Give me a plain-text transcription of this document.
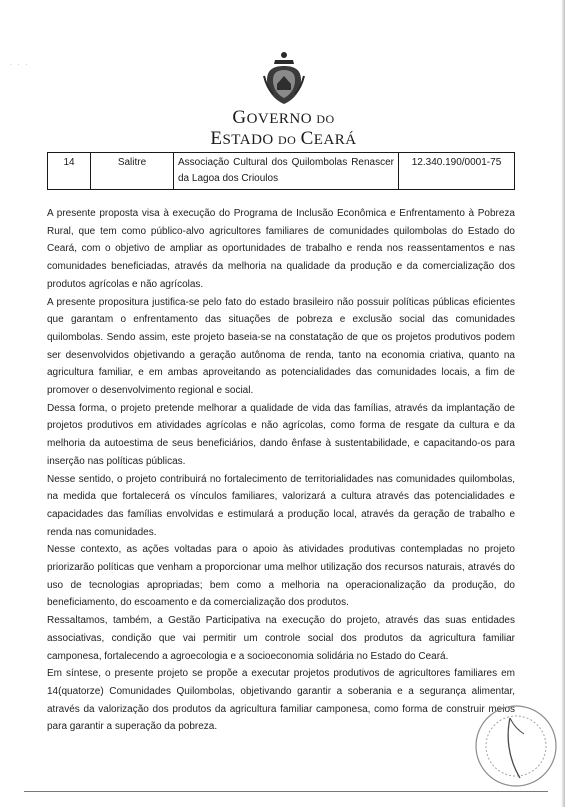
· · ·
GOVERNO DO
ESTADO DO CEARÁ
14	Salitre	Associação Cultural dos Quilombolas Renascer da Lagoa dos Crioulos	12.340.190/0001-75

A presente proposta visa à execução do Programa de Inclusão Econômica e Enfrentamento à Pobreza Rural, que tem como público-alvo agricultores familiares de comunidades quilombolas do Estado do Ceará, com o objetivo de ampliar as oportunidades de trabalho e renda nos reassentamentos e nas comunidades beneficiadas, através da melhoria na qualidade da produção e da comercialização dos produtos agrícolas e não agrícolas.

A presente propositura justifica-se pelo fato do estado brasileiro não possuir políticas públicas eficientes que garantam o enfrentamento das situações de pobreza e exclusão social das comunidades quilombolas. Sendo assim, este projeto baseia-se na constatação de que os projetos produtivos podem ser desenvolvidos objetivando a geração autônoma de renda, tanto na economia criativa, quanto na agricultura familiar, e em ambas aproveitando as potencialidades das comunidades locais, a fim de promover o desenvolvimento regional e social.

Dessa forma, o projeto pretende melhorar a qualidade de vida das famílias, através da implantação de projetos produtivos em atividades agrícolas e não agrícolas, como forma de resgate da cultura e da melhoria da autoestima de seus beneficiários, dando ênfase à sustentabilidade, e capacitando-os para inserção nas políticas públicas.

Nesse sentido, o projeto contribuirá no fortalecimento de territorialidades nas comunidades quilombolas, na medida que fortalecerá os vínculos familiares, valorizará a cultura através das potencialidades e capacidades das famílias envolvidas e estimulará a produção local, através da geração de trabalho e renda nas comunidades.

Nesse contexto, as ações voltadas para o apoio às atividades produtivas contempladas no projeto priorizarão políticas que venham a proporcionar uma melhor utilização dos recursos naturais, através do uso de tecnologias apropriadas; bem como a melhoria na operacionalização da produção, do beneficiamento, do escoamento e da comercialização dos produtos.

Ressaltamos, também, a Gestão Participativa na execução do projeto, através das suas entidades associativas, condição que vai permitir um controle social dos produtos da agricultura familiar camponesa, fortalecendo a agroecologia e a socioeconomia solidária no Estado do Ceará.

Em síntese, o presente projeto se propõe a executar projetos produtivos de agricultores familiares em 14(quatorze) Comunidades Quilombolas, objetivando garantir a soberania e a segurança alimentar, através da valorização dos produtos da agricultura familiar camponesa, como forma de construir meios para garantir a superação da pobreza.
